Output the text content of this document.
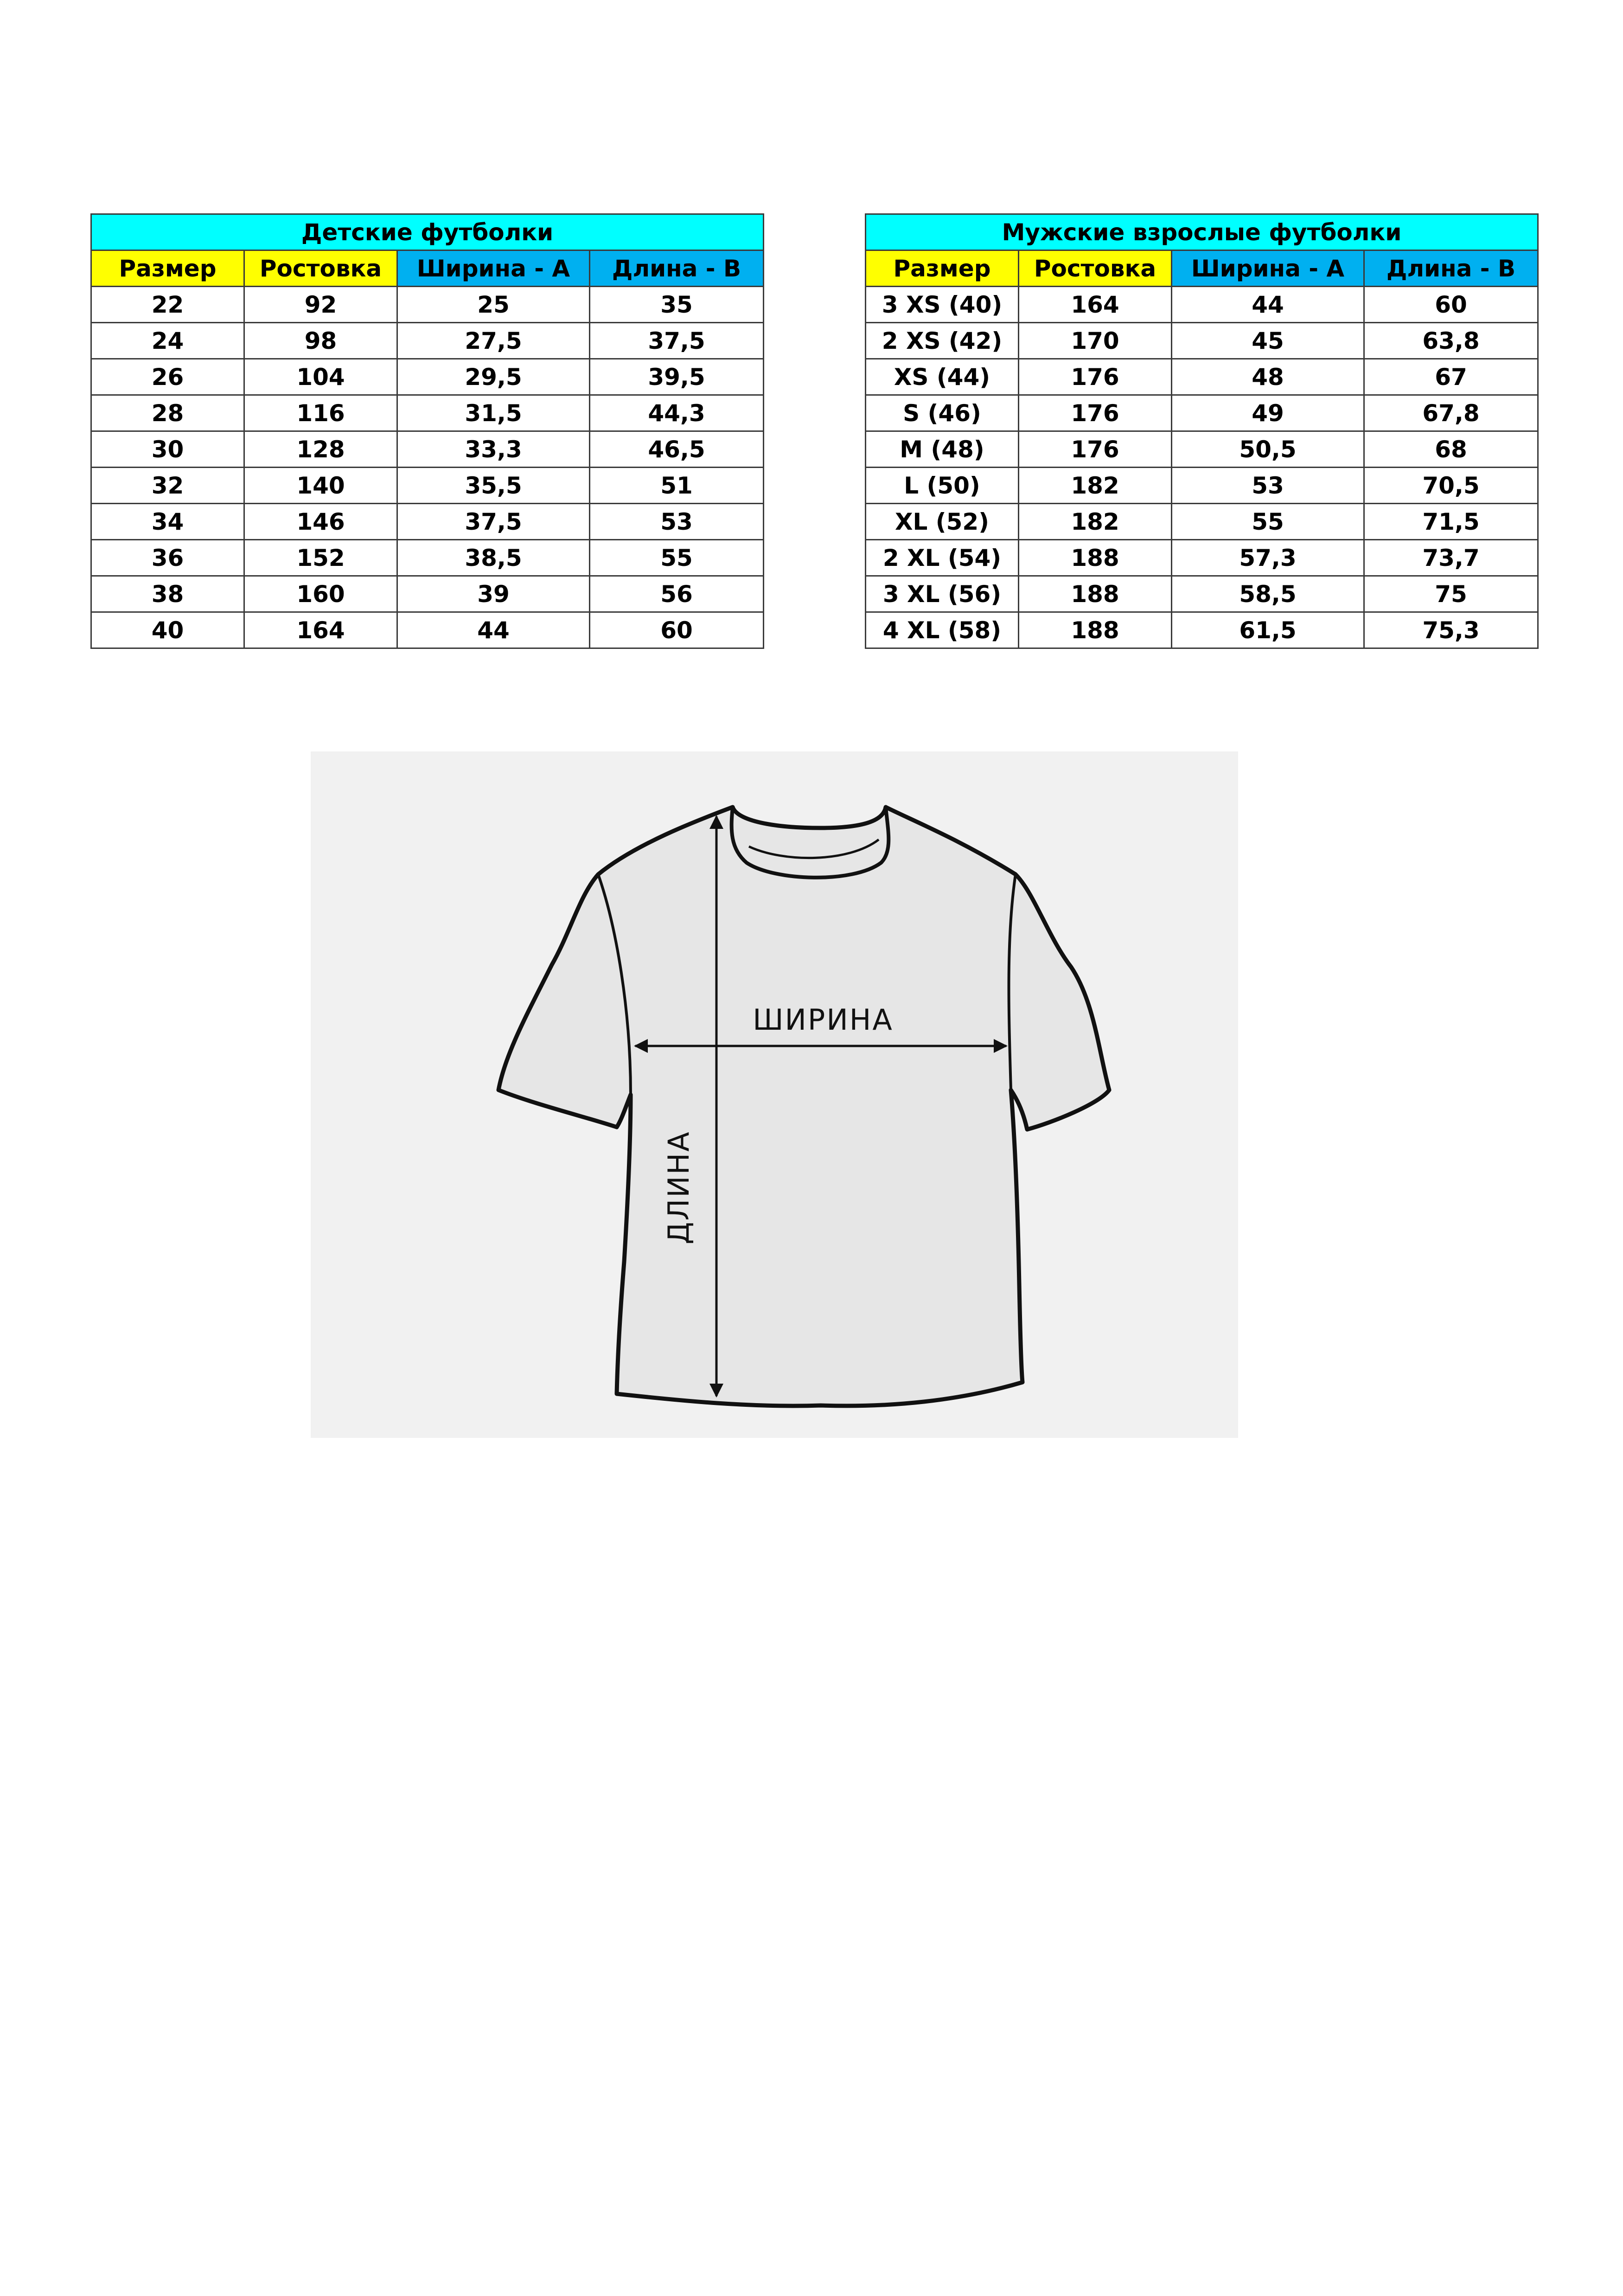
Детские футболки			
Размер	Ростовка	Ширина - А	Длина - В
22	92	25	35
24	98	27,5	37,5
26	104	29,5	39,5
28	116	31,5	44,3
30	128	33,3	46,5
32	140	35,5	51
34	146	37,5	53
36	152	38,5	55
38	160	39	56
40	164	44	60
Мужские взрослые футболки			
Размер	Ростовка	Ширина - А	Длина - В
3 XS (40)	164	44	60
2 XS (42)	170	45	63,8
XS (44)	176	48	67
S (46)	176	49	67,8
M (48)	176	50,5	68
L (50)	182	53	70,5
XL (52)	182	55	71,5
2 XL (54)	188	57,3	73,7
3 XL (56)	188	58,5	75
4 XL (58)	188	61,5	75,3
ШИРИНА
ДЛИНА
